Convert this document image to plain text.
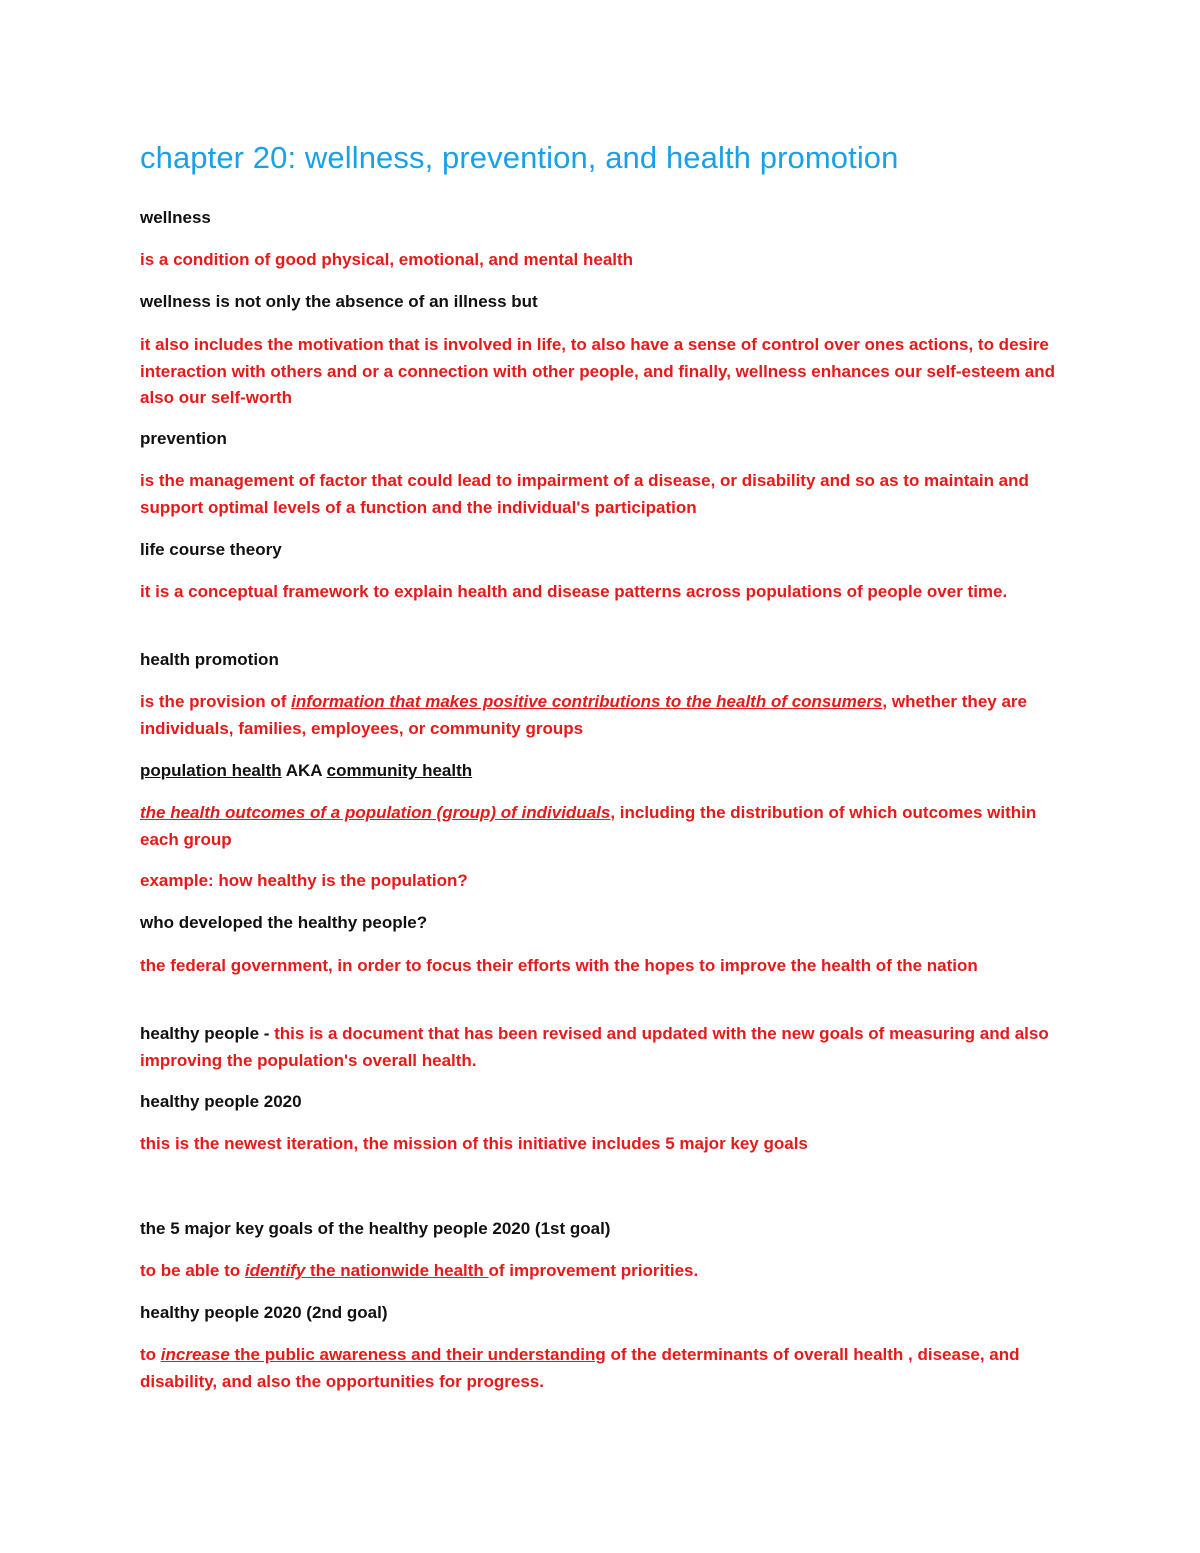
chapter 20: wellness, prevention, and health promotion

wellness

is a condition of good physical, emotional, and mental health

wellness is not only the absence of an illness but

it also includes the motivation that is involved in life, to also have a sense of control over ones actions, to desire interaction with others and or a connection with other people, and finally, wellness enhances our self-esteem and also our self-worth

prevention

is the management of factor that could lead to impairment of a disease, or disability and so as to maintain and support optimal levels of a function and the individual's participation

life course theory

it is a conceptual framework to explain health and disease patterns across populations of people over time.

health promotion

is the provision of information that makes positive contributions to the health of consumers, whether they are individuals, families, employees, or community groups

population health AKA community health

the health outcomes of a population (group) of individuals, including the distribution of which outcomes within each group

example: how healthy is the population?

who developed the healthy people?

the federal government, in order to focus their efforts with the hopes to improve the health of the nation

healthy people - this is a document that has been revised and updated with the new goals of measuring and also improving the population's overall health.

healthy people 2020

this is the newest iteration, the mission of this initiative includes 5 major key goals

the 5 major key goals of the healthy people 2020 (1st goal)

to be able to identify the nationwide health of improvement priorities.

healthy people 2020 (2nd goal)

to increase the public awareness and their understanding of the determinants of overall health , disease, and disability, and also the opportunities for progress.
